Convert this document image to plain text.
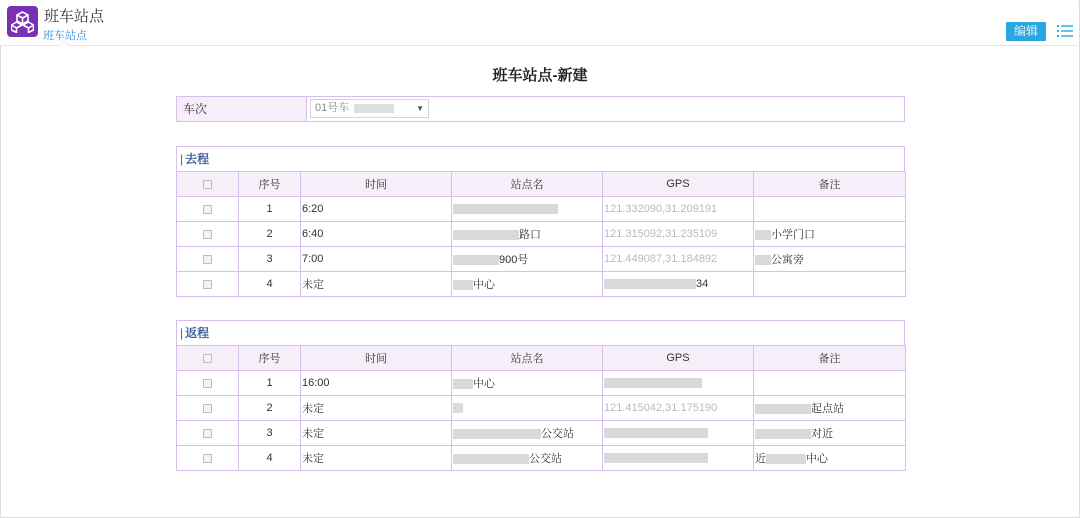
班车站点
班车站点	编辑
班车站点-新建
车次	01号车	▼
| 去程
	序号	时间	站点名	GPS	备注
	1	6:20		121.332090,31.209191	
	2	6:40	路口	121.315092,31.235109	小学门口
	3	7:00	900号	121.449087,31.184892	公寓旁
	4	未定	中心	34	
| 返程
	序号	时间	站点名	GPS	备注
	1	16:00	中心		
	2	未定		121.415042,31.175190	起点站
	3	未定	公交站		对近
	4	未定	公交站		近 中心
